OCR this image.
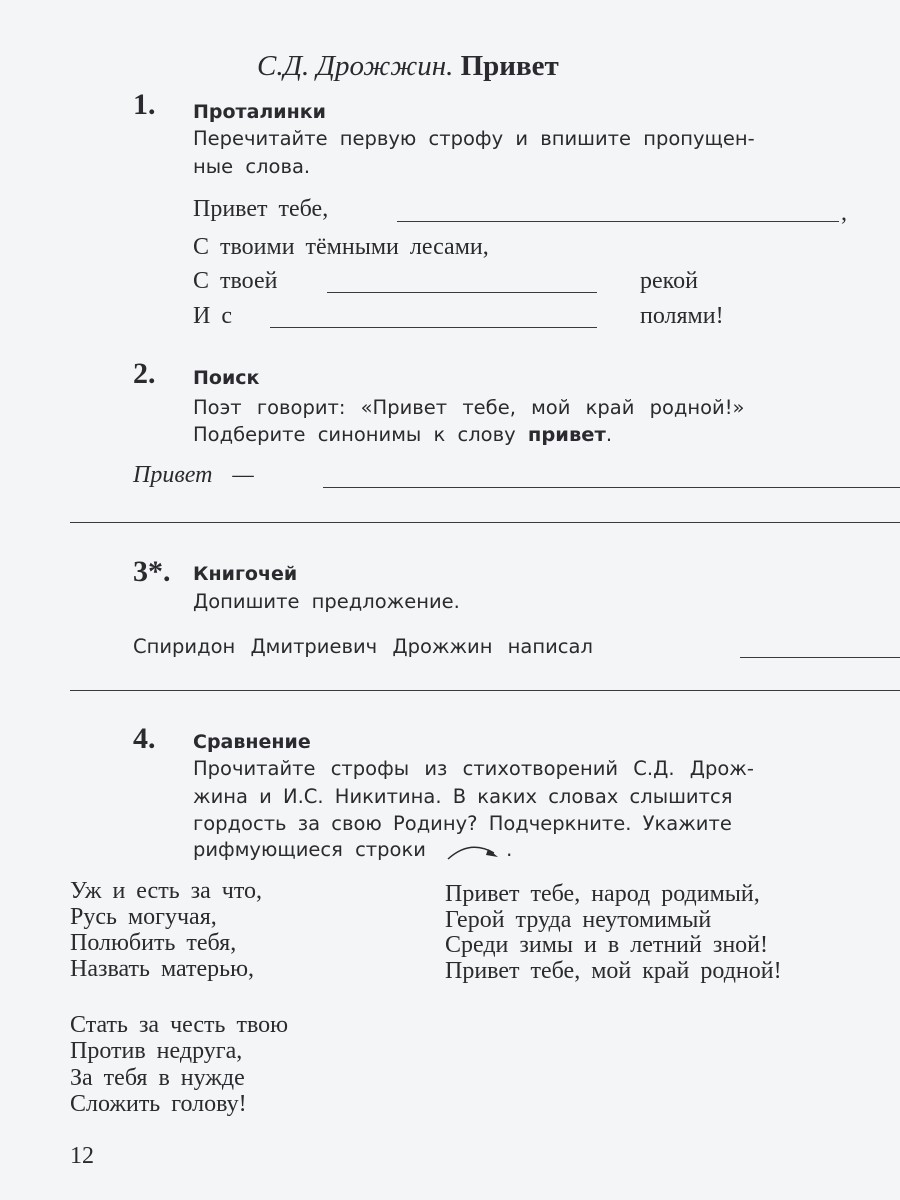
С.Д. Дрожжин. Привет
1. Проталинки
Перечитайте первую строфу и впишите пропущен-
ные слова.
Привет тебе,	,
С твоими тёмными лесами,
С твоей	рекой
И с	полями!
2. Поиск
Поэт говорит: «Привет тебе, мой край родной!»
Подберите синонимы к слову привет.
Привет —
3*. Книгочей
Допишите предложение.
Спиридон Дмитриевич Дрожжин написал
4. Сравнение
Прочитайте строфы из стихотворений С.Д. Дрож-
жина и И.С. Никитина. В каких словах слышится
гордость за свою Родину? Подчеркните. Укажите
рифмующиеся строки	.
Уж и есть за что,
Русь могучая,
Полюбить тебя,
Назвать матерью,
Стать за честь твою
Против недруга,
За тебя в нужде
Сложить голову!
Привет тебе, народ родимый,
Герой труда неутомимый
Среди зимы и в летний зной!
Привет тебе, мой край родной!
12
